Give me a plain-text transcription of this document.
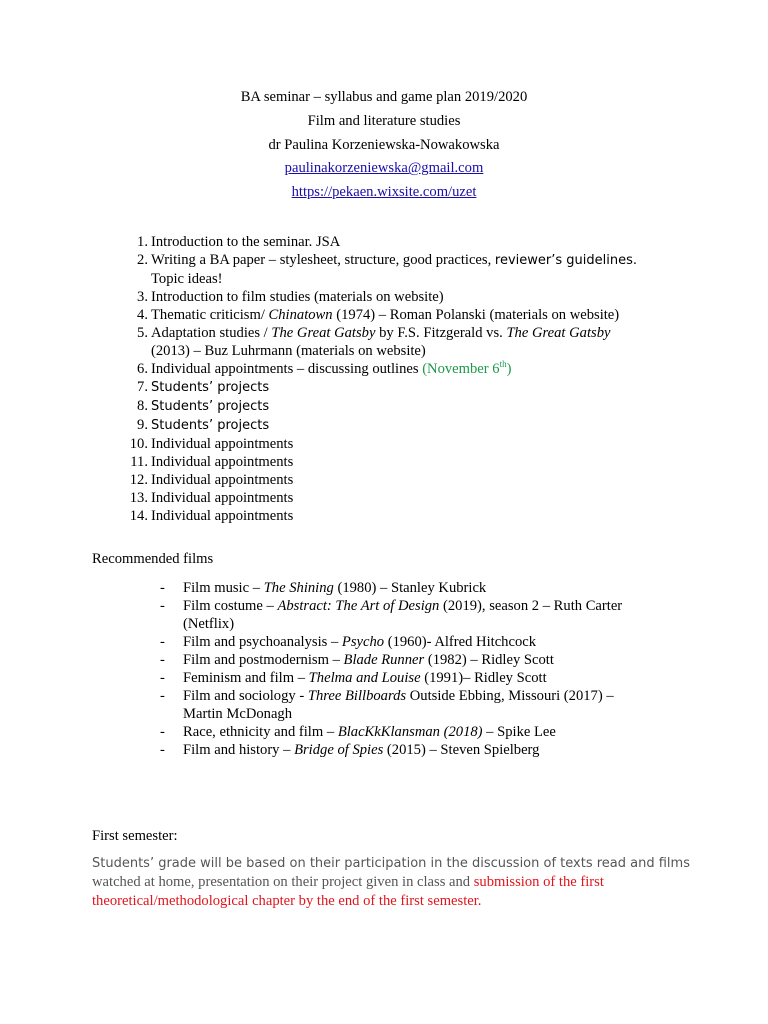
BA seminar – syllabus and game plan 2019/2020
Film and literature studies
dr Paulina Korzeniewska-Nowakowska
paulinakorzeniewska@gmail.com
https://pekaen.wixsite.com/uzet
1. Introduction to the seminar. JSA
2. Writing a BA paper – stylesheet, structure, good practices, reviewer’s guidelines.
Topic ideas!
3. Introduction to film studies (materials on website)
4. Thematic criticism/ Chinatown (1974) – Roman Polanski (materials on website)
5. Adaptation studies / The Great Gatsby by F.S. Fitzgerald vs. The Great Gatsby
(2013) – Buz Luhrmann (materials on website)
6. Individual appointments – discussing outlines (November 6th)
7. Students’ projects
8. Students’ projects
9. Students’ projects
10. Individual appointments
11. Individual appointments
12. Individual appointments
13. Individual appointments
14. Individual appointments
Recommended films
- Film music – The Shining (1980) – Stanley Kubrick
- Film costume – Abstract: The Art of Design (2019), season 2 – Ruth Carter
(Netflix)
- Film and psychoanalysis – Psycho (1960)- Alfred Hitchcock
- Film and postmodernism – Blade Runner (1982) – Ridley Scott
- Feminism and film – Thelma and Louise (1991)– Ridley Scott
- Film and sociology - Three Billboards Outside Ebbing, Missouri (2017) –
Martin McDonagh
- Race, ethnicity and film – BlacKkKlansman (2018) – Spike Lee
- Film and history – Bridge of Spies (2015) – Steven Spielberg
First semester:
Students’ grade will be based on their participation in the discussion of texts read and films
watched at home, presentation on their project given in class and submission of the first
theoretical/methodological chapter by the end of the first semester.
